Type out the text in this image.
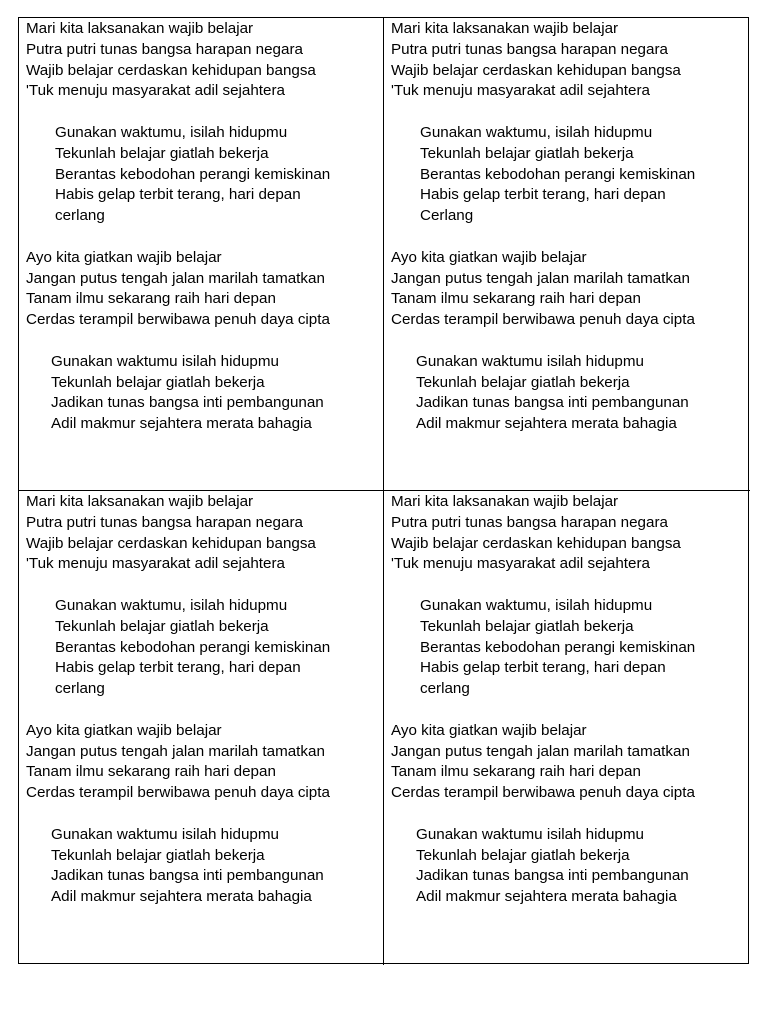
Mari kita laksanakan wajib belajar
Putra putri tunas bangsa harapan negara
Wajib belajar cerdaskan kehidupan bangsa
'Tuk menuju masyarakat adil sejahtera
Gunakan waktumu, isilah hidupmu
Tekunlah belajar giatlah bekerja
Berantas kebodohan perangi kemiskinan
Habis gelap terbit terang, hari depan
cerlang
Ayo kita giatkan wajib belajar
Jangan putus tengah jalan marilah tamatkan
Tanam ilmu sekarang raih hari depan
Cerdas terampil berwibawa penuh daya cipta
Gunakan waktumu isilah hidupmu
Tekunlah belajar giatlah bekerja
Jadikan tunas bangsa inti pembangunan
Adil makmur sejahtera merata bahagia
Mari kita laksanakan wajib belajar
Putra putri tunas bangsa harapan negara
Wajib belajar cerdaskan kehidupan bangsa
'Tuk menuju masyarakat adil sejahtera
Gunakan waktumu, isilah hidupmu
Tekunlah belajar giatlah bekerja
Berantas kebodohan perangi kemiskinan
Habis gelap terbit terang, hari depan
Cerlang
Ayo kita giatkan wajib belajar
Jangan putus tengah jalan marilah tamatkan
Tanam ilmu sekarang raih hari depan
Cerdas terampil berwibawa penuh daya cipta
Gunakan waktumu isilah hidupmu
Tekunlah belajar giatlah bekerja
Jadikan tunas bangsa inti pembangunan
Adil makmur sejahtera merata bahagia
Mari kita laksanakan wajib belajar
Putra putri tunas bangsa harapan negara
Wajib belajar cerdaskan kehidupan bangsa
'Tuk menuju masyarakat adil sejahtera
Gunakan waktumu, isilah hidupmu
Tekunlah belajar giatlah bekerja
Berantas kebodohan perangi kemiskinan
Habis gelap terbit terang, hari depan
cerlang
Ayo kita giatkan wajib belajar
Jangan putus tengah jalan marilah tamatkan
Tanam ilmu sekarang raih hari depan
Cerdas terampil berwibawa penuh daya cipta
Gunakan waktumu isilah hidupmu
Tekunlah belajar giatlah bekerja
Jadikan tunas bangsa inti pembangunan
Adil makmur sejahtera merata bahagia
Mari kita laksanakan wajib belajar
Putra putri tunas bangsa harapan negara
Wajib belajar cerdaskan kehidupan bangsa
'Tuk menuju masyarakat adil sejahtera
Gunakan waktumu, isilah hidupmu
Tekunlah belajar giatlah bekerja
Berantas kebodohan perangi kemiskinan
Habis gelap terbit terang, hari depan
cerlang
Ayo kita giatkan wajib belajar
Jangan putus tengah jalan marilah tamatkan
Tanam ilmu sekarang raih hari depan
Cerdas terampil berwibawa penuh daya cipta
Gunakan waktumu isilah hidupmu
Tekunlah belajar giatlah bekerja
Jadikan tunas bangsa inti pembangunan
Adil makmur sejahtera merata bahagia
